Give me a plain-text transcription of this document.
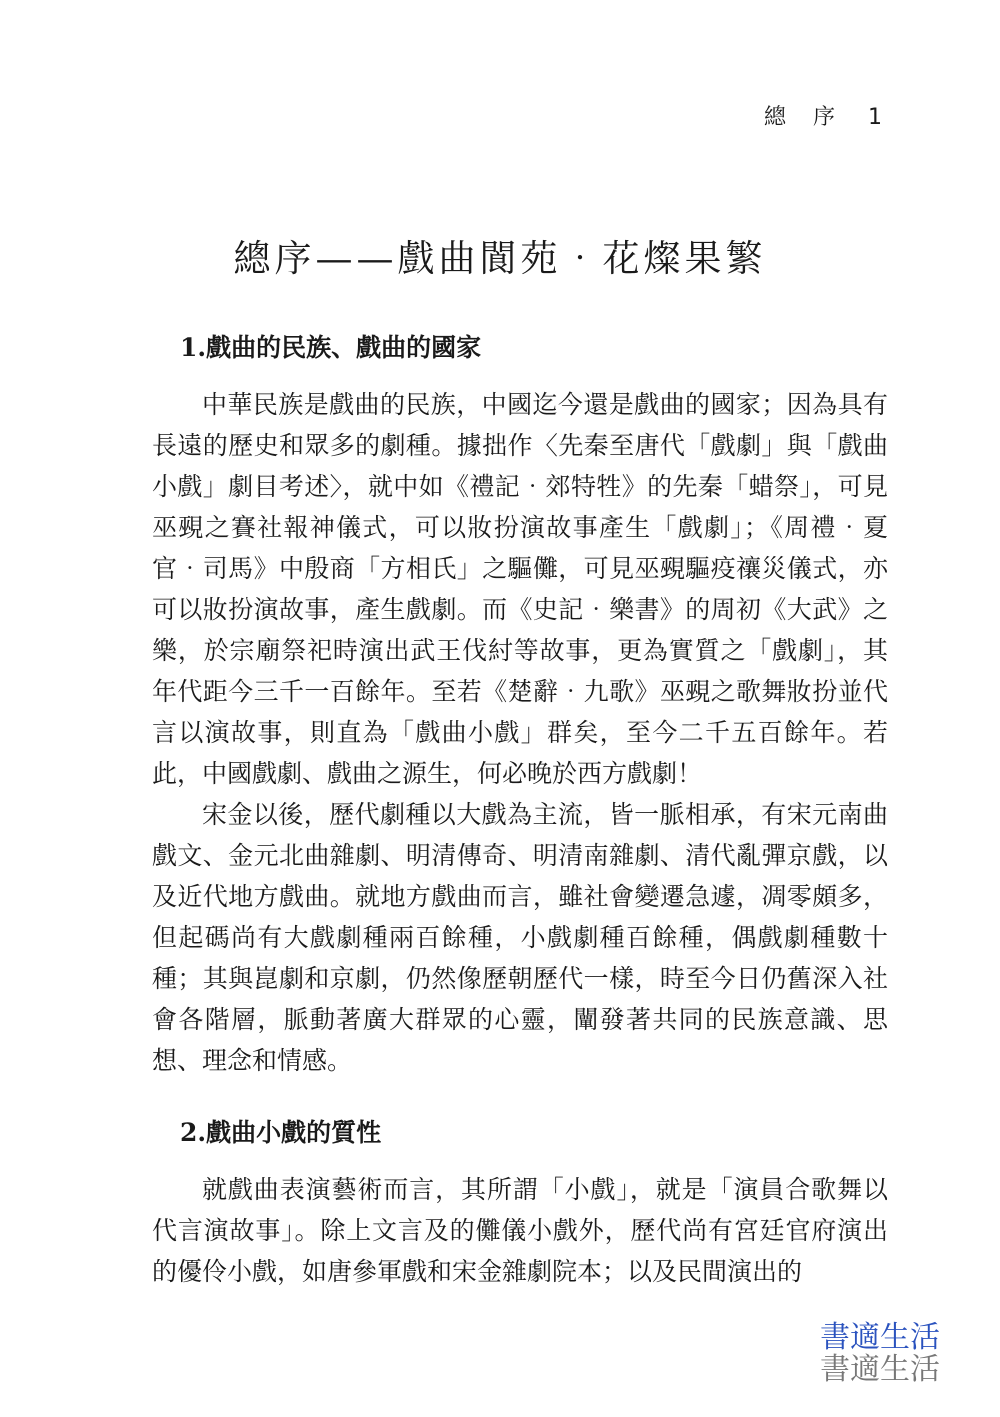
總 序 1
總序——戲曲閬苑‧花燦果繁
1.戲曲的民族、戲曲的國家

中華民族是戲曲的民族，中國迄今還是戲曲的國家；因為具有長遠的歷史和眾多的劇種。據拙作〈先秦至唐代「戲劇」與「戲曲小戲」劇目考述〉，就中如《禮記‧郊特牲》的先秦「蜡祭」，可見巫覡之賽社報神儀式，可以妝扮演故事產生「戲劇」；《周禮‧夏官‧司馬》中殷商「方相氏」之驅儺，可見巫覡驅疫禳災儀式，亦可以妝扮演故事，產生戲劇。而《史記‧樂書》的周初《大武》之樂，於宗廟祭祀時演出武王伐紂等故事，更為實質之「戲劇」，其年代距今三千一百餘年。至若《楚辭‧九歌》巫覡之歌舞妝扮並代言以演故事，則直為「戲曲小戲」群矣，至今二千五百餘年。若此，中國戲劇、戲曲之源生，何必晚於西方戲劇！

宋金以後，歷代劇種以大戲為主流，皆一脈相承，有宋元南曲戲文、金元北曲雜劇、明清傳奇、明清南雜劇、清代亂彈京戲，以及近代地方戲曲。就地方戲曲而言，雖社會變遷急遽，凋零頗多，但起碼尚有大戲劇種兩百餘種，小戲劇種百餘種，偶戲劇種數十種；其與崑劇和京劇，仍然像歷朝歷代一樣，時至今日仍舊深入社會各階層，脈動著廣大群眾的心靈，闡發著共同的民族意識、思想、理念和情感。

2.戲曲小戲的質性

就戲曲表演藝術而言，其所謂「小戲」，就是「演員合歌舞以代言演故事」。除上文言及的儺儀小戲外，歷代尚有宮廷官府演出的優伶小戲，如唐參軍戲和宋金雜劇院本；以及民間演出的

書適生活
書適生活
